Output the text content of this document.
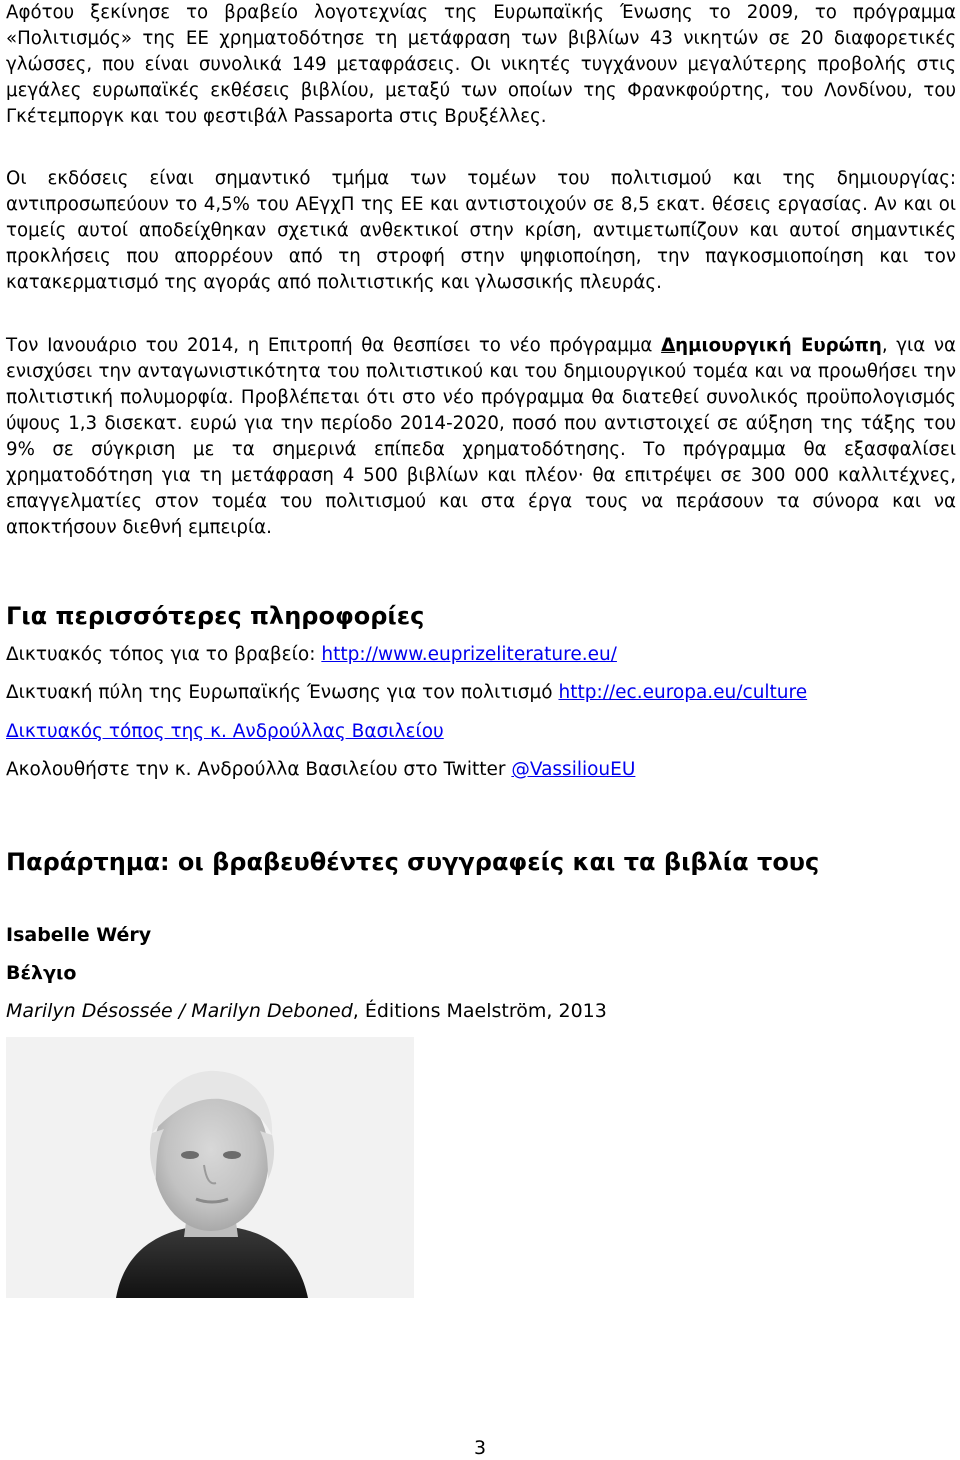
Αφότου ξεκίνησε το βραβείο λογοτεχνίας της Ευρωπαϊκής Ένωσης το 2009, το πρόγραμμα «Πολιτισμός» της ΕΕ χρηματοδότησε τη μετάφραση των βιβλίων 43 νικητών σε 20 διαφορετικές γλώσσες, που είναι συνολικά 149 μεταφράσεις. Οι νικητές τυγχάνουν μεγαλύτερης προβολής στις μεγάλες ευρωπαϊκές εκθέσεις βιβλίου, μεταξύ των οποίων της Φρανκφούρτης, του Λονδίνου, του Γκέτεμποργκ και του φεστιβάλ Passaporta στις Βρυξέλλες.

Οι εκδόσεις είναι σημαντικό τμήμα των τομέων του πολιτισμού και της δημιουργίας: αντιπροσωπεύουν το 4,5% του ΑΕγχΠ της ΕΕ και αντιστοιχούν σε 8,5 εκατ. θέσεις εργασίας. Αν και οι τομείς αυτοί αποδείχθηκαν σχετικά ανθεκτικοί στην κρίση, αντιμετωπίζουν και αυτοί σημαντικές προκλήσεις που απορρέουν από τη στροφή στην ψηφιοποίηση, την παγκοσμιοποίηση και τον κατακερματισμό της αγοράς από πολιτιστικής και γλωσσικής πλευράς.

Τον Ιανουάριο του 2014, η Επιτροπή θα θεσπίσει το νέο πρόγραμμα Δημιουργική Ευρώπη, για να ενισχύσει την ανταγωνιστικότητα του πολιτιστικού και του δημιουργικού τομέα και να προωθήσει την πολιτιστική πολυμορφία. Προβλέπεται ότι στο νέο πρόγραμμα θα διατεθεί συνολικός προϋπολογισμός ύψους 1,3 δισεκατ. ευρώ για την περίοδο 2014-2020, ποσό που αντιστοιχεί σε αύξηση της τάξης του 9% σε σύγκριση με τα σημερινά επίπεδα χρηματοδότησης. Το πρόγραμμα θα εξασφαλίσει χρηματοδότηση για τη μετάφραση 4 500 βιβλίων και πλέον· θα επιτρέψει σε 300 000 καλλιτέχνες, επαγγελματίες στον τομέα του πολιτισμού και στα έργα τους να περάσουν τα σύνορα και να αποκτήσουν διεθνή εμπειρία.

Για περισσότερες πληροφορίες
Δικτυακός τόπος για το βραβείο: http://www.euprizeliterature.eu/
Δικτυακή πύλη της Ευρωπαϊκής Ένωσης για τον πολιτισμό http://ec.europa.eu/culture
Δικτυακός τόπος της κ. Ανδρούλλας Βασιλείου
Ακολουθήστε την κ. Ανδρούλλα Βασιλείου στο Twitter @VassiliouEU
Παράρτημα: οι βραβευθέντες συγγραφείς και τα βιβλία τους
Isabelle Wéry
Βέλγιο
Marilyn Désossée / Marilyn Deboned, Éditions Maelström, 2013
3
